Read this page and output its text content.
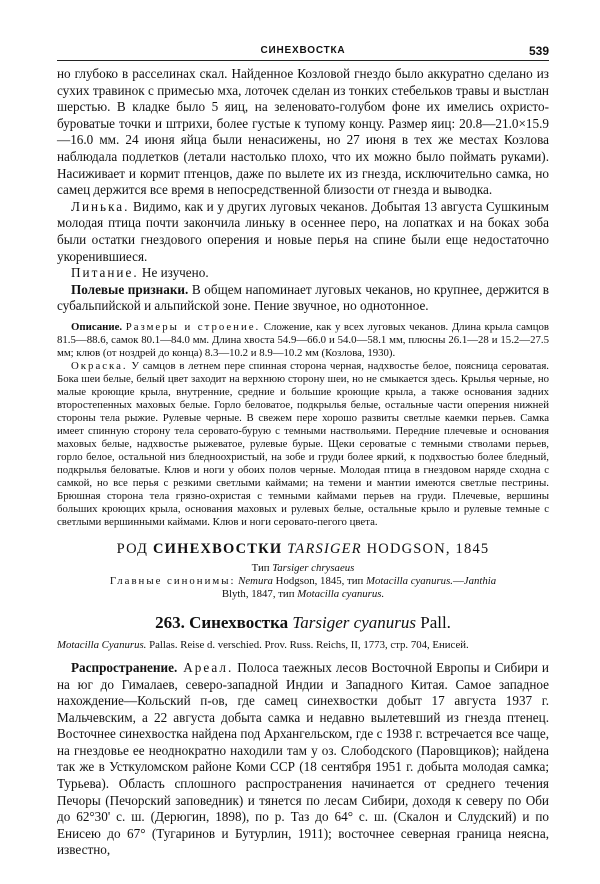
СИНЕХВОСТКА	539

но глубоко в расселинах скал. Найденное Козловой гнездо было аккуратно сделано из сухих травинок с примесью мха, лоточек сделан из тонких стебельков травы и выстлан шерстью. В кладке было 5 яиц, на зеленовато-голубом фоне их имелись охристо-буроватые точки и штрихи, более густые к тупому концу. Размер яиц: 20.8—21.0×15.9—16.0 мм. 24 июня яйца были ненасижены, но 27 июня в тех же местах Козлова наблюдала подлетков (летали настолько плохо, что их можно было поймать руками). Насиживает и кормит птенцов, даже по вылете их из гнезда, исключительно самка, но самец держится все время в непосредственной близости от гнезда и выводка.

Линька. Видимо, как и у других луговых чеканов. Добытая 13 августа Сушкиным молодая птица почти закончила линьку в осеннее перо, на лопатках и на боках зоба были остатки гнездового оперения и новые перья на спине были еще недостаточно укоренившиеся.

Питание. Не изучено.

Полевые признаки. В общем напоминает луговых чеканов, но крупнее, держится в субальпийской и альпийской зоне. Пение звучное, но однотонное.

Описание. Размеры и строение. Сложение, как у всех луговых чеканов. Длина крыла самцов 81.5—88.6, самок 80.1—84.0 мм. Длина хвоста 54.9—66.0 и 54.0—58.1 мм, плюсны 26.1—28 и 15.2—27.5 мм; клюв (от ноздрей до конца) 8.3—10.2 и 8.9—10.2 мм (Козлова, 1930).

Окраска. У самцов в летнем пере спинная сторона черная, надхвостье белое, поясница сероватая. Бока шеи белые, белый цвет заходит на верхнюю сторону шеи, но не смыкается здесь. Крылья черные, но малые кроющие крыла, внутренние, средние и большие кроющие крыла, а также основания задних второстепенных маховых белые. Горло беловатое, подкрылья белые, остальные части оперения нижней стороны тела рыжие. Рулевые черные. В свежем пере хорошо развиты светлые каемки перьев. Самка имеет спинную сторону тела серовато-бурую с темными наствольями. Передние плечевые и основания маховых белые, надхвостье рыжеватое, рулевые бурые. Щеки сероватые с темными стволами перьев, горло белое, остальной низ бледноохристый, на зобе и груди более яркий, к подхвостью более бледный, подкрылья беловатые. Клюв и ноги у обоих полов черные. Молодая птица в гнездовом наряде сходна с самкой, но все перья с резкими светлыми каймами; на темени и мантии имеются светлые пестрины. Брюшная сторона тела грязно-охристая с темными каймами перьев на груди. Плечевые, вершины больших кроющих крыла, основания маховых и рулевых белые, остальные крыло и рулевые темные с светлыми вершинными каймами. Клюв и ноги серовато-пегого цвета.

РОД СИНЕХВОСТКИ TARSIGER HODGSON, 1845

Тип Tarsiger chrysaeus

Главные синонимы: Nemura Hodgson, 1845, тип Motacilla cyanurus.—Janthia
Blyth, 1847, тип Motacilla cyanurus.

263. Синехвостка Tarsiger cyanurus Pall.

Motacilla Cyanurus. Pallas. Reise d. verschied. Prov. Russ. Reichs, II, 1773, стр. 704, Енисей.

Распространение. Ареал. Полоса таежных лесов Восточной Европы и Сибири и на юг до Гималаев, северо-западной Индии и Западного Китая. Самое западное нахождение—Кольский п-ов, где самец синехвостки добыт 17 августа 1937 г. Мальчевским, а 22 августа добыта самка и недавно вылетевший из гнезда птенец. Восточнее синехвостка найдена под Архангельском, где с 1938 г. встречается все чаще, на гнездовье ее неоднократно находили там у оз. Слободского (Паровщиков); найдена так же в Усткуломском районе Коми ССР (18 сентября 1951 г. добыта молодая самка; Турьева). Область сплошного распространения начинается от среднего течения Печоры (Печорский заповедник) и тянется по лесам Сибири, доходя к северу по Оби до 62°30' с. ш. (Дерюгин, 1898), по р. Таз до 64° с. ш. (Скалон и Слудский) и по Енисею до 67° (Тугаринов и Бутурлин, 1911); восточнее северная граница неясна, известно,
